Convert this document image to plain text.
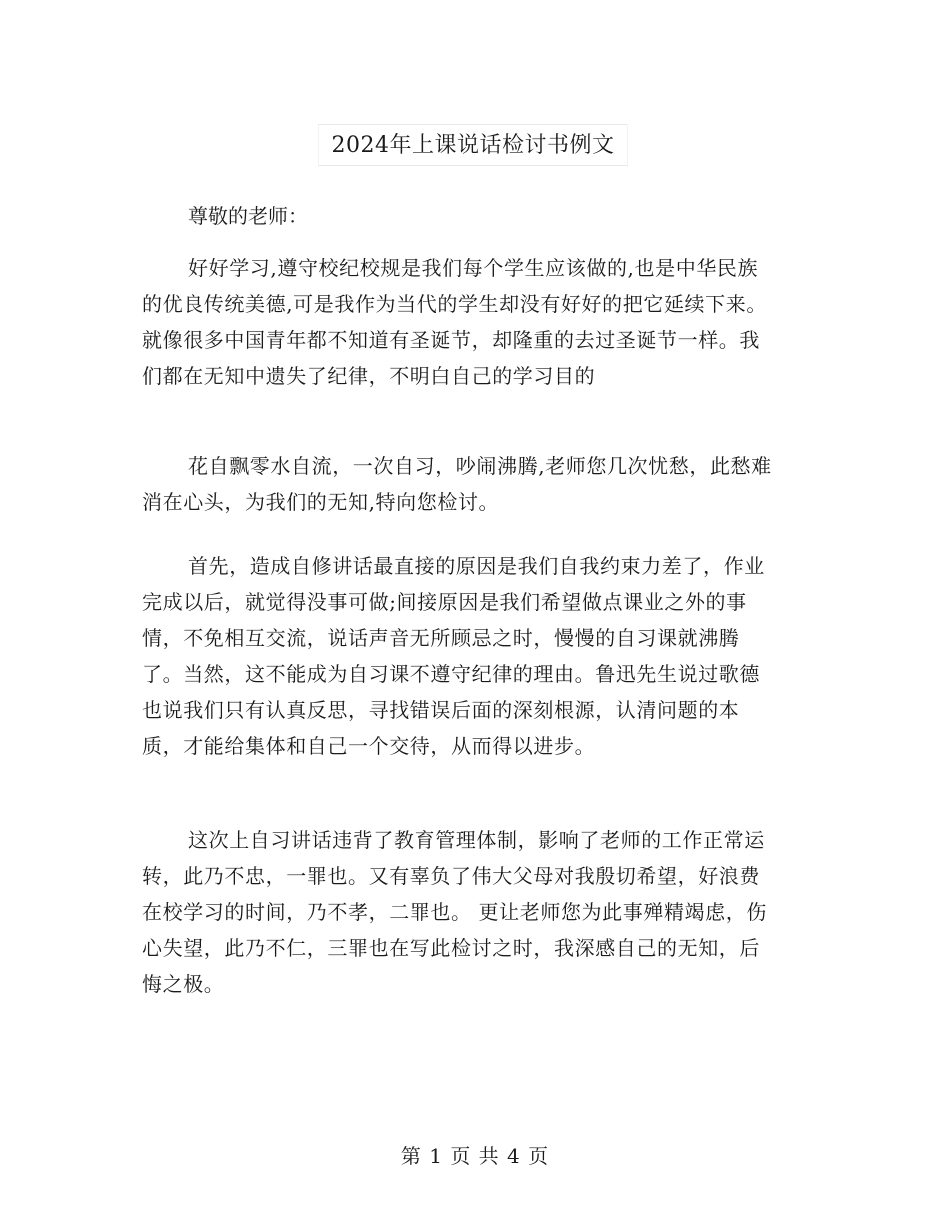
2024年上课说话检讨书例文
尊敬的老师：
好好学习,遵守校纪校规是我们每个学生应该做的,也是中华民族
的优良传统美德,可是我作为当代的学生却没有好好的把它延续下来。
就像很多中国青年都不知道有圣诞节，却隆重的去过圣诞节一样。我
们都在无知中遗失了纪律，不明白自己的学习目的
花自飘零水自流，一次自习，吵闹沸腾,老师您几次忧愁，此愁难
消在心头，为我们的无知,特向您检讨。
首先，造成自修讲话最直接的原因是我们自我约束力差了，作业
完成以后，就觉得没事可做;间接原因是我们希望做点课业之外的事
情，不免相互交流，说话声音无所顾忌之时，慢慢的自习课就沸腾
了。当然，这不能成为自习课不遵守纪律的理由。鲁迅先生说过歌德
也说我们只有认真反思，寻找错误后面的深刻根源，认清问题的本
质，才能给集体和自己一个交待，从而得以进步。
这次上自习讲话违背了教育管理体制，影响了老师的工作正常运
转，此乃不忠，一罪也。又有辜负了伟大父母对我殷切希望，好浪费
在校学习的时间，乃不孝，二罪也。 更让老师您为此事殚精竭虑，伤
心失望，此乃不仁，三罪也在写此检讨之时，我深感自己的无知，后
悔之极。
第 1 页 共 4 页
